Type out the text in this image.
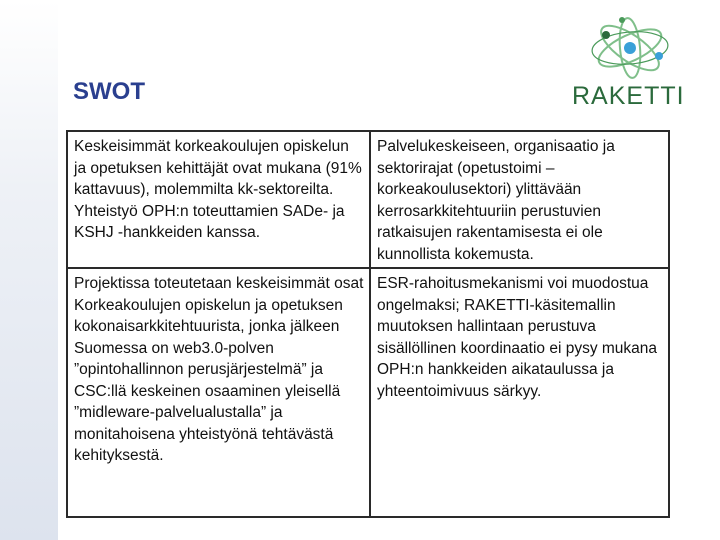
SWOT	RAKETTI
Keskeisimmät korkeakoulujen opiskelun ja opetuksen kehittäjät ovat mukana (91% kattavuus), molemmilta kk-sektoreilta. Yhteistyö OPH:n toteuttamien SADe- ja KSHJ -hankkeiden kanssa.	Palvelukeskeiseen, organisaatio ja sektorirajat (opetustoimi – korkeakoulusektori) ylittävään kerrosarkkitehtuuriin perustuvien ratkaisujen rakentamisesta ei ole kunnollista kokemusta.

Projektissa toteutetaan keskeisimmät osat Korkeakoulujen opiskelun ja opetuksen kokonaisarkkitehtuurista, jonka jälkeen Suomessa on web3.0-polven ”opintohallinnon perusjärjestelmä” ja CSC:llä keskeinen osaaminen yleisellä ”midleware-palvelualustalla” ja monitahoisena yhteistyönä tehtävästä kehityksestä.	ESR-rahoitusmekanismi voi muodostua ongelmaksi; RAKETTI-käsitemallin muutoksen hallintaan perustuva sisällöllinen koordinaatio ei pysy mukana OPH:n hankkeiden aikataulussa ja yhteentoimivuus särkyy.
